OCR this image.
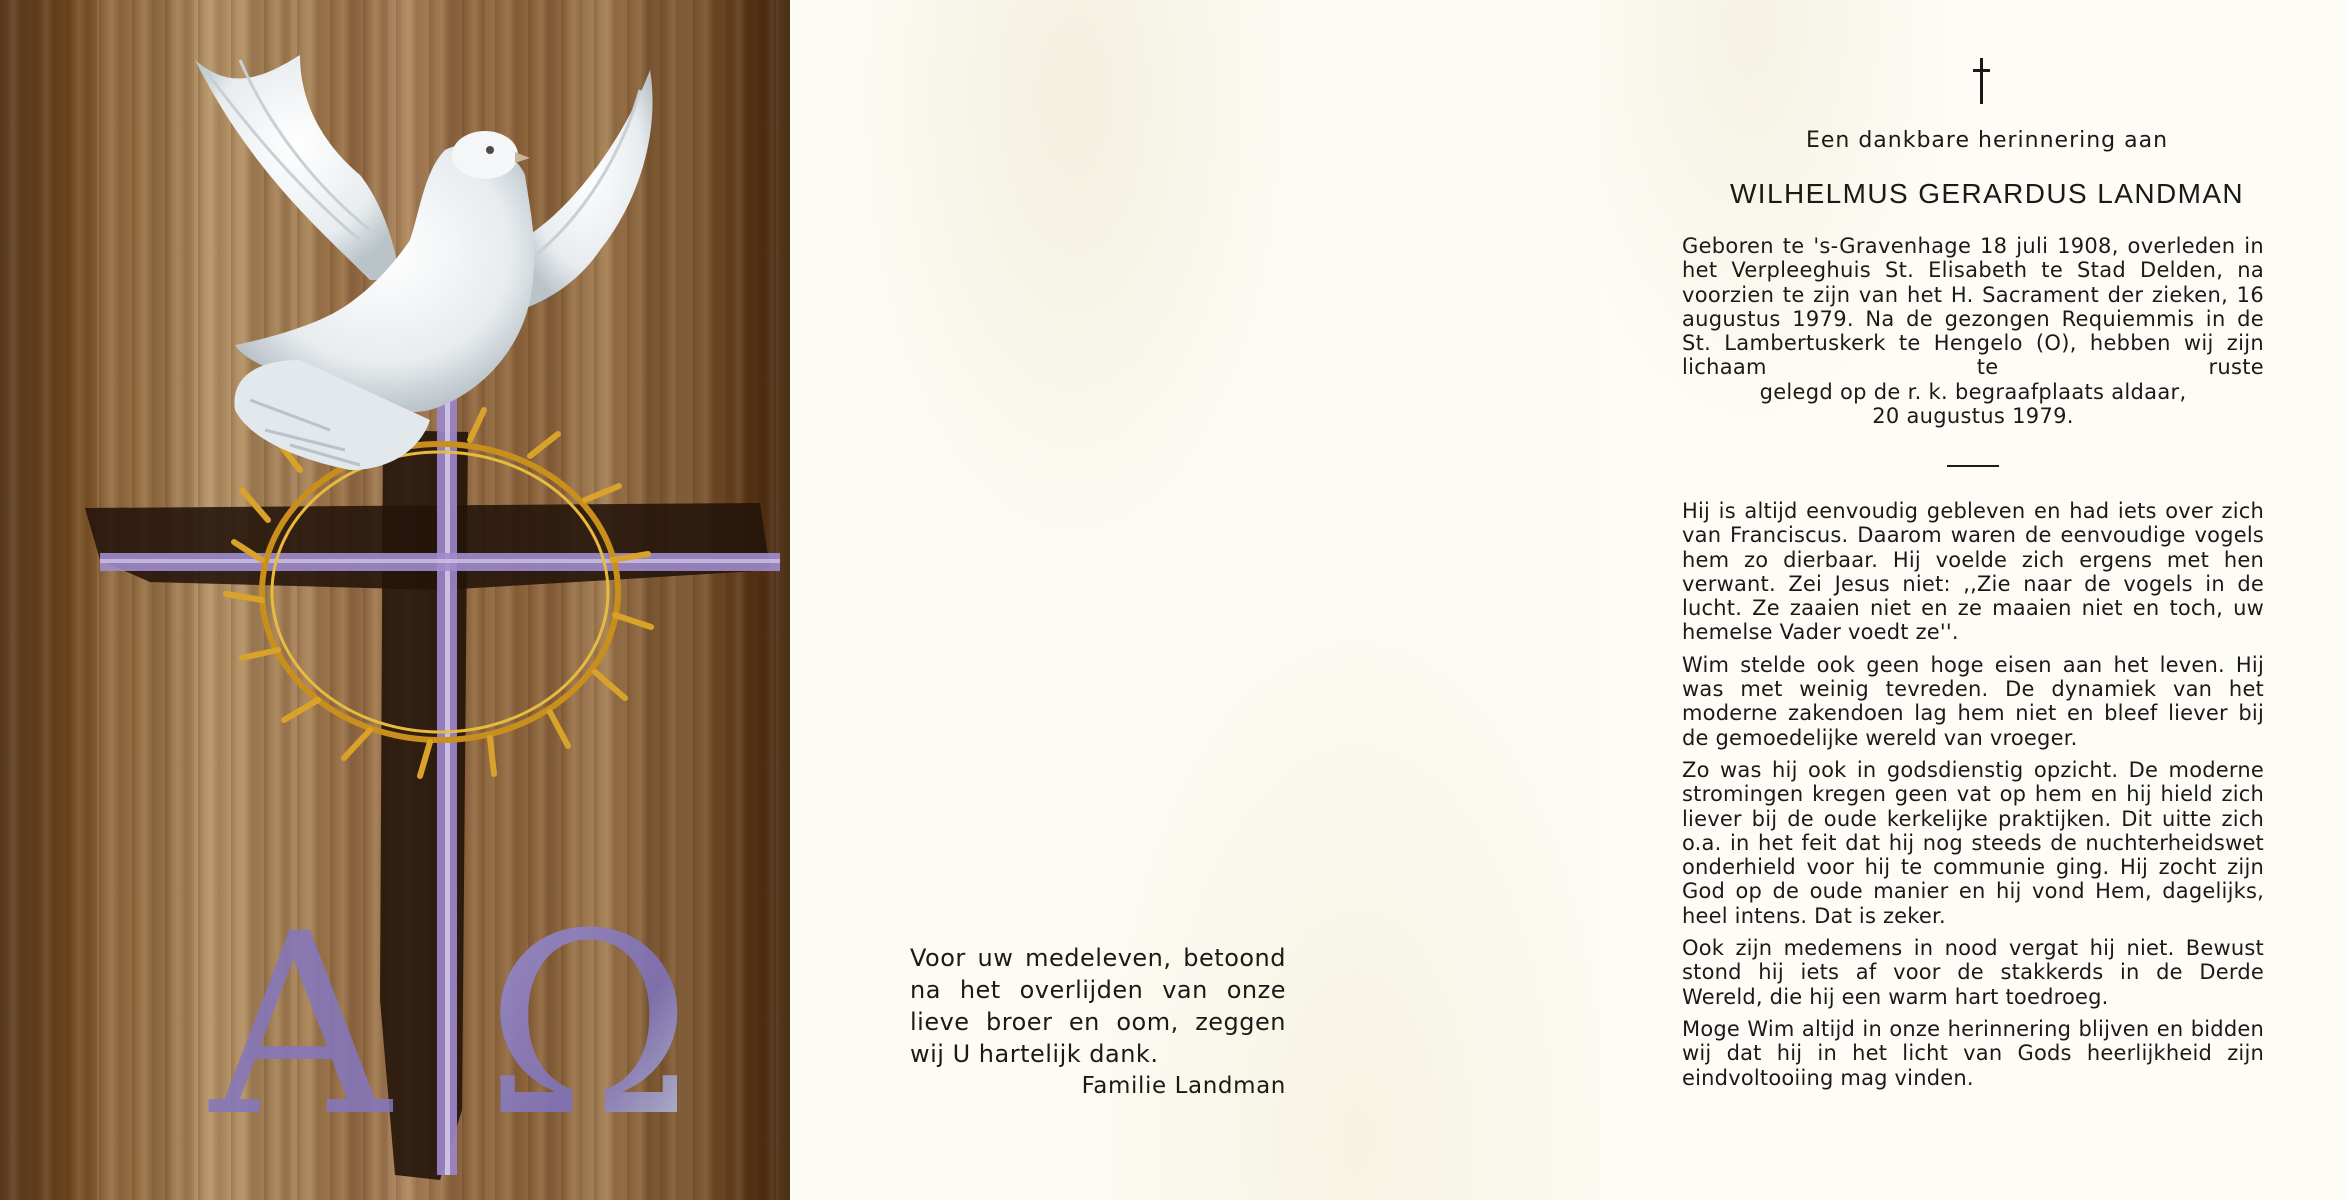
A Ω	Voor uw medeleven, betoond na het overlijden van onze lieve broer en oom, zeggen wij U hartelijk dank.
Familie Landman
Een dankbare herinnering aan
WILHELMUS GERARDUS LANDMAN
Geboren te 's-Gravenhage 18 juli 1908, overleden in het Verpleeghuis St. Elisabeth te Stad Delden, na voorzien te zijn van het H. Sacrament der zieken, 16 augustus 1979. Na de gezongen Requiemmis in de St. Lambertuskerk te Hengelo (O), hebben wij zijn lichaam te ruste
gelegd op de r. k. begraafplaats aldaar,
20 augustus 1979.

Hij is altijd eenvoudig gebleven en had iets over zich van Franciscus. Daarom waren de eenvoudige vogels hem zo dierbaar. Hij voelde zich ergens met hen verwant. Zei Jesus niet: ,,Zie naar de vogels in de lucht. Ze zaaien niet en ze maaien niet en toch, uw hemelse Vader voedt ze''.

Wim stelde ook geen hoge eisen aan het leven. Hij was met weinig tevreden. De dynamiek van het moderne zakendoen lag hem niet en bleef liever bij de gemoedelijke wereld van vroeger.

Zo was hij ook in godsdienstig opzicht. De moderne stromingen kregen geen vat op hem en hij hield zich liever bij de oude kerkelijke praktijken. Dit uitte zich o.a. in het feit dat hij nog steeds de nuchterheidswet onderhield voor hij te communie ging. Hij zocht zijn God op de oude manier en hij vond Hem, dagelijks, heel intens. Dat is zeker.

Ook zijn medemens in nood vergat hij niet. Bewust stond hij iets af voor de stakkerds in de Derde Wereld, die hij een warm hart toedroeg.

Moge Wim altijd in onze herinnering blijven en bidden wij dat hij in het licht van Gods heerlijkheid zijn eindvoltooiing mag vinden.
